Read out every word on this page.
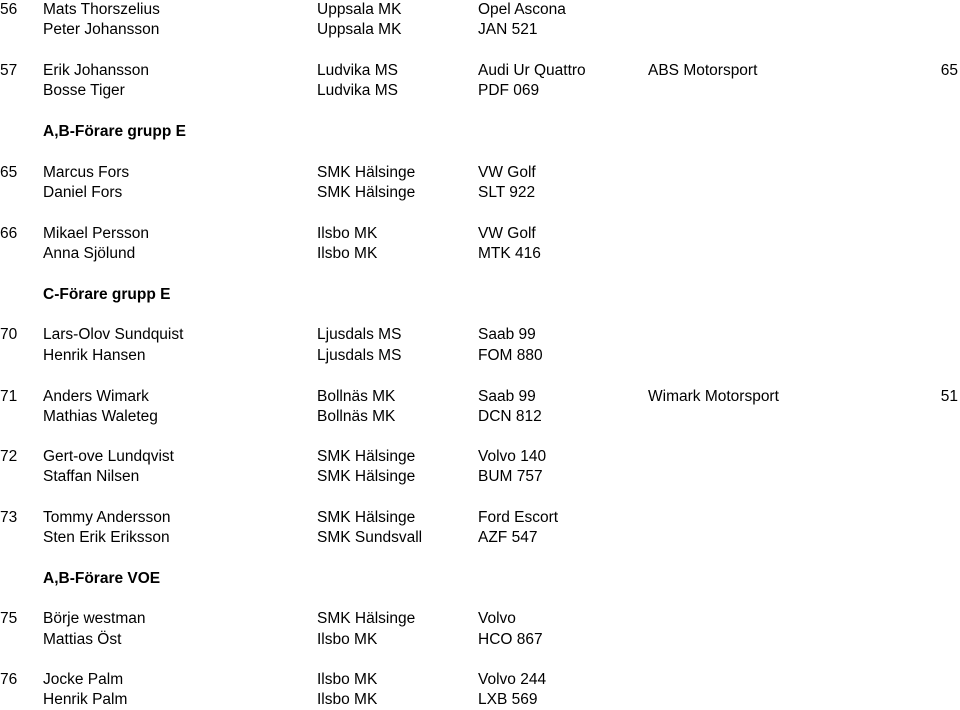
56 Mats Thorszelius	Uppsala MK	Opel Ascona
Peter Johansson	Uppsala MK	JAN 521
57 Erik Johansson	Ludvika MS	Audi Ur Quattro	ABS Motorsport	65
Bosse Tiger	Ludvika MS	PDF 069
A,B-Förare grupp E
65 Marcus Fors	SMK Hälsinge	VW Golf
Daniel Fors	SMK Hälsinge	SLT 922
66 Mikael Persson	Ilsbo MK	VW Golf
Anna Sjölund	Ilsbo MK	MTK 416
C-Förare grupp E
70 Lars-Olov Sundquist	Ljusdals MS	Saab 99
Henrik Hansen	Ljusdals MS	FOM 880
71 Anders Wimark	Bollnäs MK	Saab 99	Wimark Motorsport	51
Mathias Waleteg	Bollnäs MK	DCN 812
72 Gert-ove Lundqvist	SMK Hälsinge	Volvo 140
Staffan Nilsen	SMK Hälsinge	BUM 757
73 Tommy Andersson	SMK Hälsinge	Ford Escort
Sten Erik Eriksson	SMK Sundsvall	AZF 547
A,B-Förare VOE
75 Börje westman	SMK Hälsinge	Volvo
Mattias Öst	Ilsbo MK	HCO 867
76 Jocke Palm	Ilsbo MK	Volvo 244
Henrik Palm	Ilsbo MK	LXB 569
